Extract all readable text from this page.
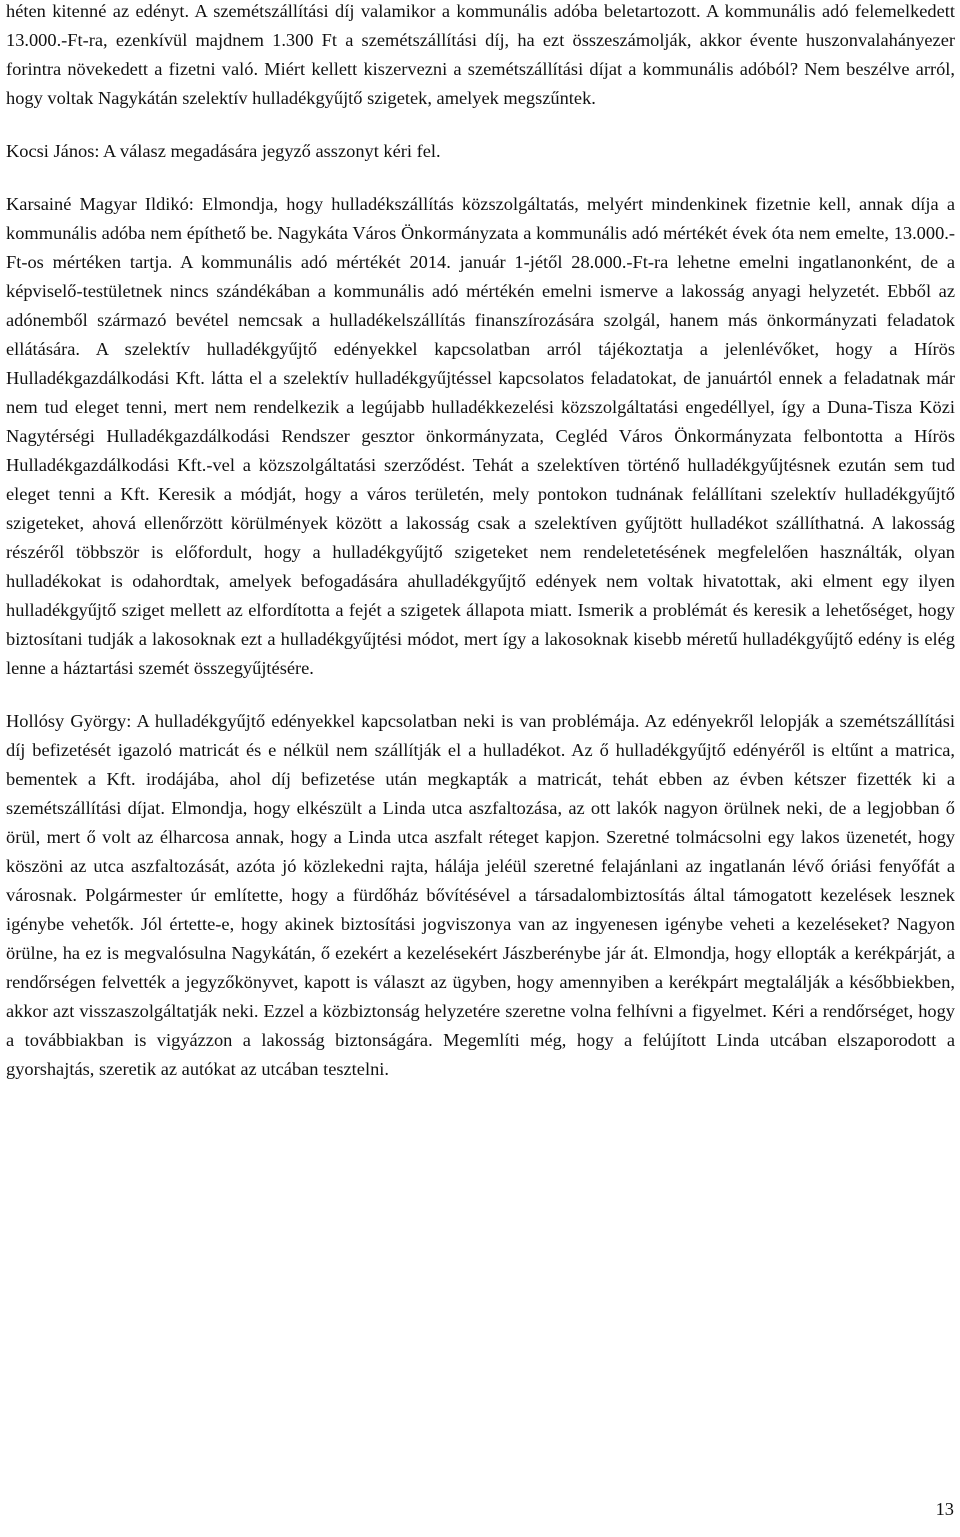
héten kitenné az edényt. A szemétszállítási díj valamikor a kommunális adóba beletartozott. A kommunális adó felemelkedett 13.000.-Ft-ra, ezenkívül majdnem 1.300 Ft a szemétszállítási díj, ha ezt összeszámolják, akkor évente huszonvalahányezer forintra növekedett a fizetni való. Miért kellett kiszervezni a szemétszállítási díjat a kommunális adóból? Nem beszélve arról, hogy voltak Nagykátán szelektív hulladékgyűjtő szigetek, amelyek megszűntek.

Kocsi János: A válasz megadására jegyző asszonyt kéri fel.

Karsainé Magyar Ildikó: Elmondja, hogy hulladékszállítás közszolgáltatás, melyért mindenkinek fizetnie kell, annak díja a kommunális adóba nem építhető be. Nagykáta Város Önkormányzata a kommunális adó mértékét évek óta nem emelte, 13.000.-Ft-os mértéken tartja. A kommunális adó mértékét 2014. január 1-jétől 28.000.-Ft-ra lehetne emelni ingatlanonként, de a képviselő-testületnek nincs szándékában a kommunális adó mértékén emelni ismerve a lakosság anyagi helyzetét. Ebből az adónemből származó bevétel nemcsak a hulladékelszállítás finanszírozására szolgál, hanem más önkormányzati feladatok ellátására. A szelektív hulladékgyűjtő edényekkel kapcsolatban arról tájékoztatja a jelenlévőket, hogy a Hírös Hulladékgazdálkodási Kft. látta el a szelektív hulladékgyűjtéssel kapcsolatos feladatokat, de januártól ennek a feladatnak már nem tud eleget tenni, mert nem rendelkezik a legújabb hulladékkezelési közszolgáltatási engedéllyel, így a Duna-Tisza Közi Nagytérségi Hulladékgazdálkodási Rendszer gesztor önkormányzata, Cegléd Város Önkormányzata felbontotta a Hírös Hulladékgazdálkodási Kft.-vel a közszolgáltatási szerződést. Tehát a szelektíven történő hulladékgyűjtésnek ezután sem tud eleget tenni a Kft. Keresik a módját, hogy a város területén, mely pontokon tudnának felállítani szelektív hulladékgyűjtő szigeteket, ahová ellenőrzött körülmények között a lakosság csak a szelektíven gyűjtött hulladékot szállíthatná. A lakosság részéről többször is előfordult, hogy a hulladékgyűjtő szigeteket nem rendeletetésének megfelelően használták, olyan hulladékokat is odahordtak, amelyek befogadására ahulladékgyűjtő edények nem voltak hivatottak, aki elment egy ilyen hulladékgyűjtő sziget mellett az elfordította a fejét a szigetek állapota miatt. Ismerik a problémát és keresik a lehetőséget, hogy biztosítani tudják a lakosoknak ezt a hulladékgyűjtési módot, mert így a lakosoknak kisebb méretű hulladékgyűjtő edény is elég lenne a háztartási szemét összegyűjtésére.

Hollósy György: A hulladékgyűjtő edényekkel kapcsolatban neki is van problémája. Az edényekről lelopják a szemétszállítási díj befizetését igazoló matricát és e nélkül nem szállítják el a hulladékot. Az ő hulladékgyűjtő edényéről is eltűnt a matrica, bementek a Kft. irodájába, ahol díj befizetése után megkapták a matricát, tehát ebben az évben kétszer fizették ki a szemétszállítási díjat. Elmondja, hogy elkészült a Linda utca aszfaltozása, az ott lakók nagyon örülnek neki, de a legjobban ő örül, mert ő volt az élharcosa annak, hogy a Linda utca aszfalt réteget kapjon. Szeretné tolmácsolni egy lakos üzenetét, hogy köszöni az utca aszfaltozását, azóta jó közlekedni rajta, hálája jeléül szeretné felajánlani az ingatlanán lévő óriási fenyőfát a városnak. Polgármester úr említette, hogy a fürdőház bővítésével a társadalombiztosítás által támogatott kezelések lesznek igénybe vehetők. Jól értette-e, hogy akinek biztosítási jogviszonya van az ingyenesen igénybe veheti a kezeléseket? Nagyon örülne, ha ez is megvalósulna Nagykátán, ő ezekért a kezelésekért Jászberénybe jár át. Elmondja, hogy ellopták a kerékpárját, a rendőrségen felvették a jegyzőkönyvet, kapott is választ az ügyben, hogy amennyiben a kerékpárt megtalálják a későbbiekben, akkor azt visszaszolgáltatják neki. Ezzel a közbiztonság helyzetére szeretne volna felhívni a figyelmet. Kéri a rendőrséget, hogy a továbbiakban is vigyázzon a lakosság biztonságára. Megemlíti még, hogy a felújított Linda utcában elszaporodott a gyorshajtás, szeretik az autókat az utcában tesztelni.

13
